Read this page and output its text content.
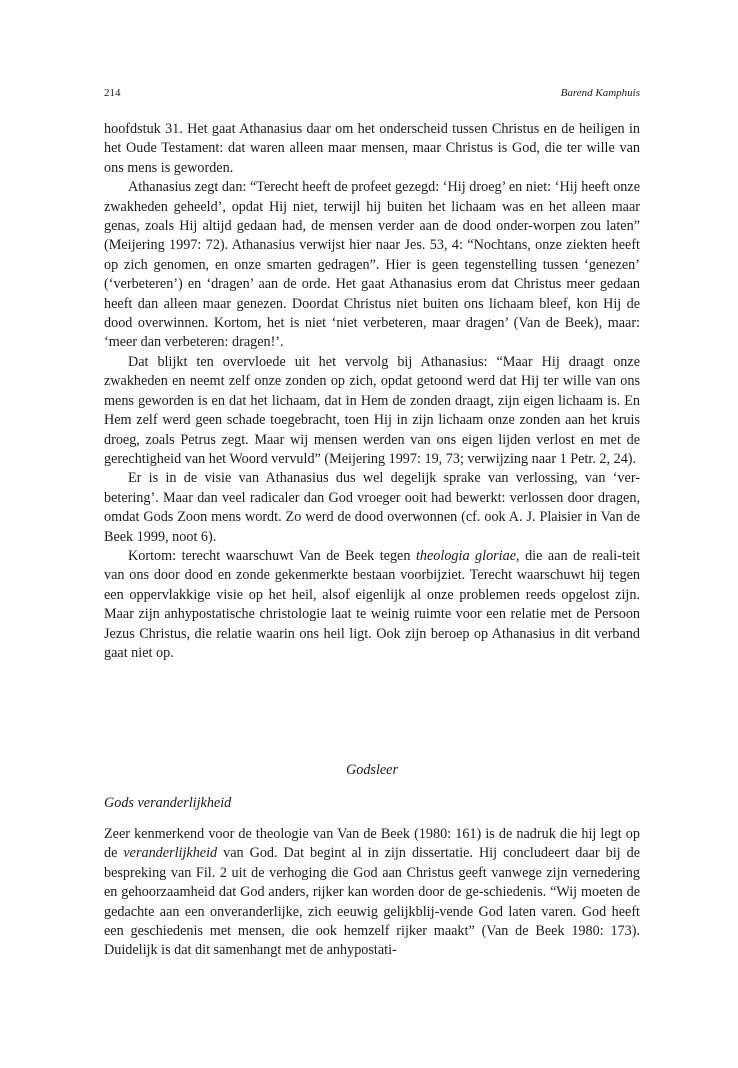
214	Barend Kamphuis

hoofdstuk 31. Het gaat Athanasius daar om het onderscheid tussen Christus en de heiligen in het Oude Testament: dat waren alleen maar mensen, maar Christus is God, die ter wille van ons mens is geworden.

Athanasius zegt dan: “Terecht heeft de profeet gezegd: ‘Hij droeg’ en niet: ‘Hij heeft onze zwakheden geheeld’, opdat Hij niet, terwijl hij buiten het lichaam was en het alleen maar genas, zoals Hij altijd gedaan had, de mensen verder aan de dood onder-worpen zou laten” (Meijering 1997: 72). Athanasius verwijst hier naar Jes. 53, 4: “Nochtans, onze ziekten heeft op zich genomen, en onze smarten gedragen”. Hier is geen tegenstelling tussen ‘genezen’ (‘verbeteren’) en ‘dragen’ aan de orde. Het gaat Athanasius erom dat Christus meer gedaan heeft dan alleen maar genezen. Doordat Christus niet buiten ons lichaam bleef, kon Hij de dood overwinnen. Kortom, het is niet ‘niet verbeteren, maar dragen’ (Van de Beek), maar: ‘meer dan verbeteren: dragen!’.

Dat blijkt ten overvloede uit het vervolg bij Athanasius: “Maar Hij draagt onze zwakheden en neemt zelf onze zonden op zich, opdat getoond werd dat Hij ter wille van ons mens geworden is en dat het lichaam, dat in Hem de zonden draagt, zijn eigen lichaam is. En Hem zelf werd geen schade toegebracht, toen Hij in zijn lichaam onze zonden aan het kruis droeg, zoals Petrus zegt. Maar wij mensen werden van ons eigen lijden verlost en met de gerechtigheid van het Woord vervuld” (Meijering 1997: 19, 73; verwijzing naar 1 Petr. 2, 24).

Er is in de visie van Athanasius dus wel degelijk sprake van verlossing, van ‘ver-betering’. Maar dan veel radicaler dan God vroeger ooit had bewerkt: verlossen door dragen, omdat Gods Zoon mens wordt. Zo werd de dood overwonnen (cf. ook A. J. Plaisier in Van de Beek 1999, noot 6).

Kortom: terecht waarschuwt Van de Beek tegen theologia gloriae, die aan de reali-teit van ons door dood en zonde gekenmerkte bestaan voorbijziet. Terecht waarschuwt hij tegen een oppervlakkige visie op het heil, alsof eigenlijk al onze problemen reeds opgelost zijn. Maar zijn anhypostatische christologie laat te weinig ruimte voor een relatie met de Persoon Jezus Christus, die relatie waarin ons heil ligt. Ook zijn beroep op Athanasius in dit verband gaat niet op.

Godsleer
Gods veranderlijkheid

Zeer kenmerkend voor de theologie van Van de Beek (1980: 161) is de nadruk die hij legt op de veranderlijkheid van God. Dat begint al in zijn dissertatie. Hij concludeert daar bij de bespreking van Fil. 2 uit de verhoging die God aan Christus geeft vanwege zijn vernedering en gehoorzaamheid dat God anders, rijker kan worden door de ge-schiedenis. “Wij moeten de gedachte aan een onveranderlijke, zich eeuwig gelijkblij-vende God laten varen. God heeft een geschiedenis met mensen, die ook hemzelf rijker maakt” (Van de Beek 1980: 173). Duidelijk is dat dit samenhangt met de anhypostati-
